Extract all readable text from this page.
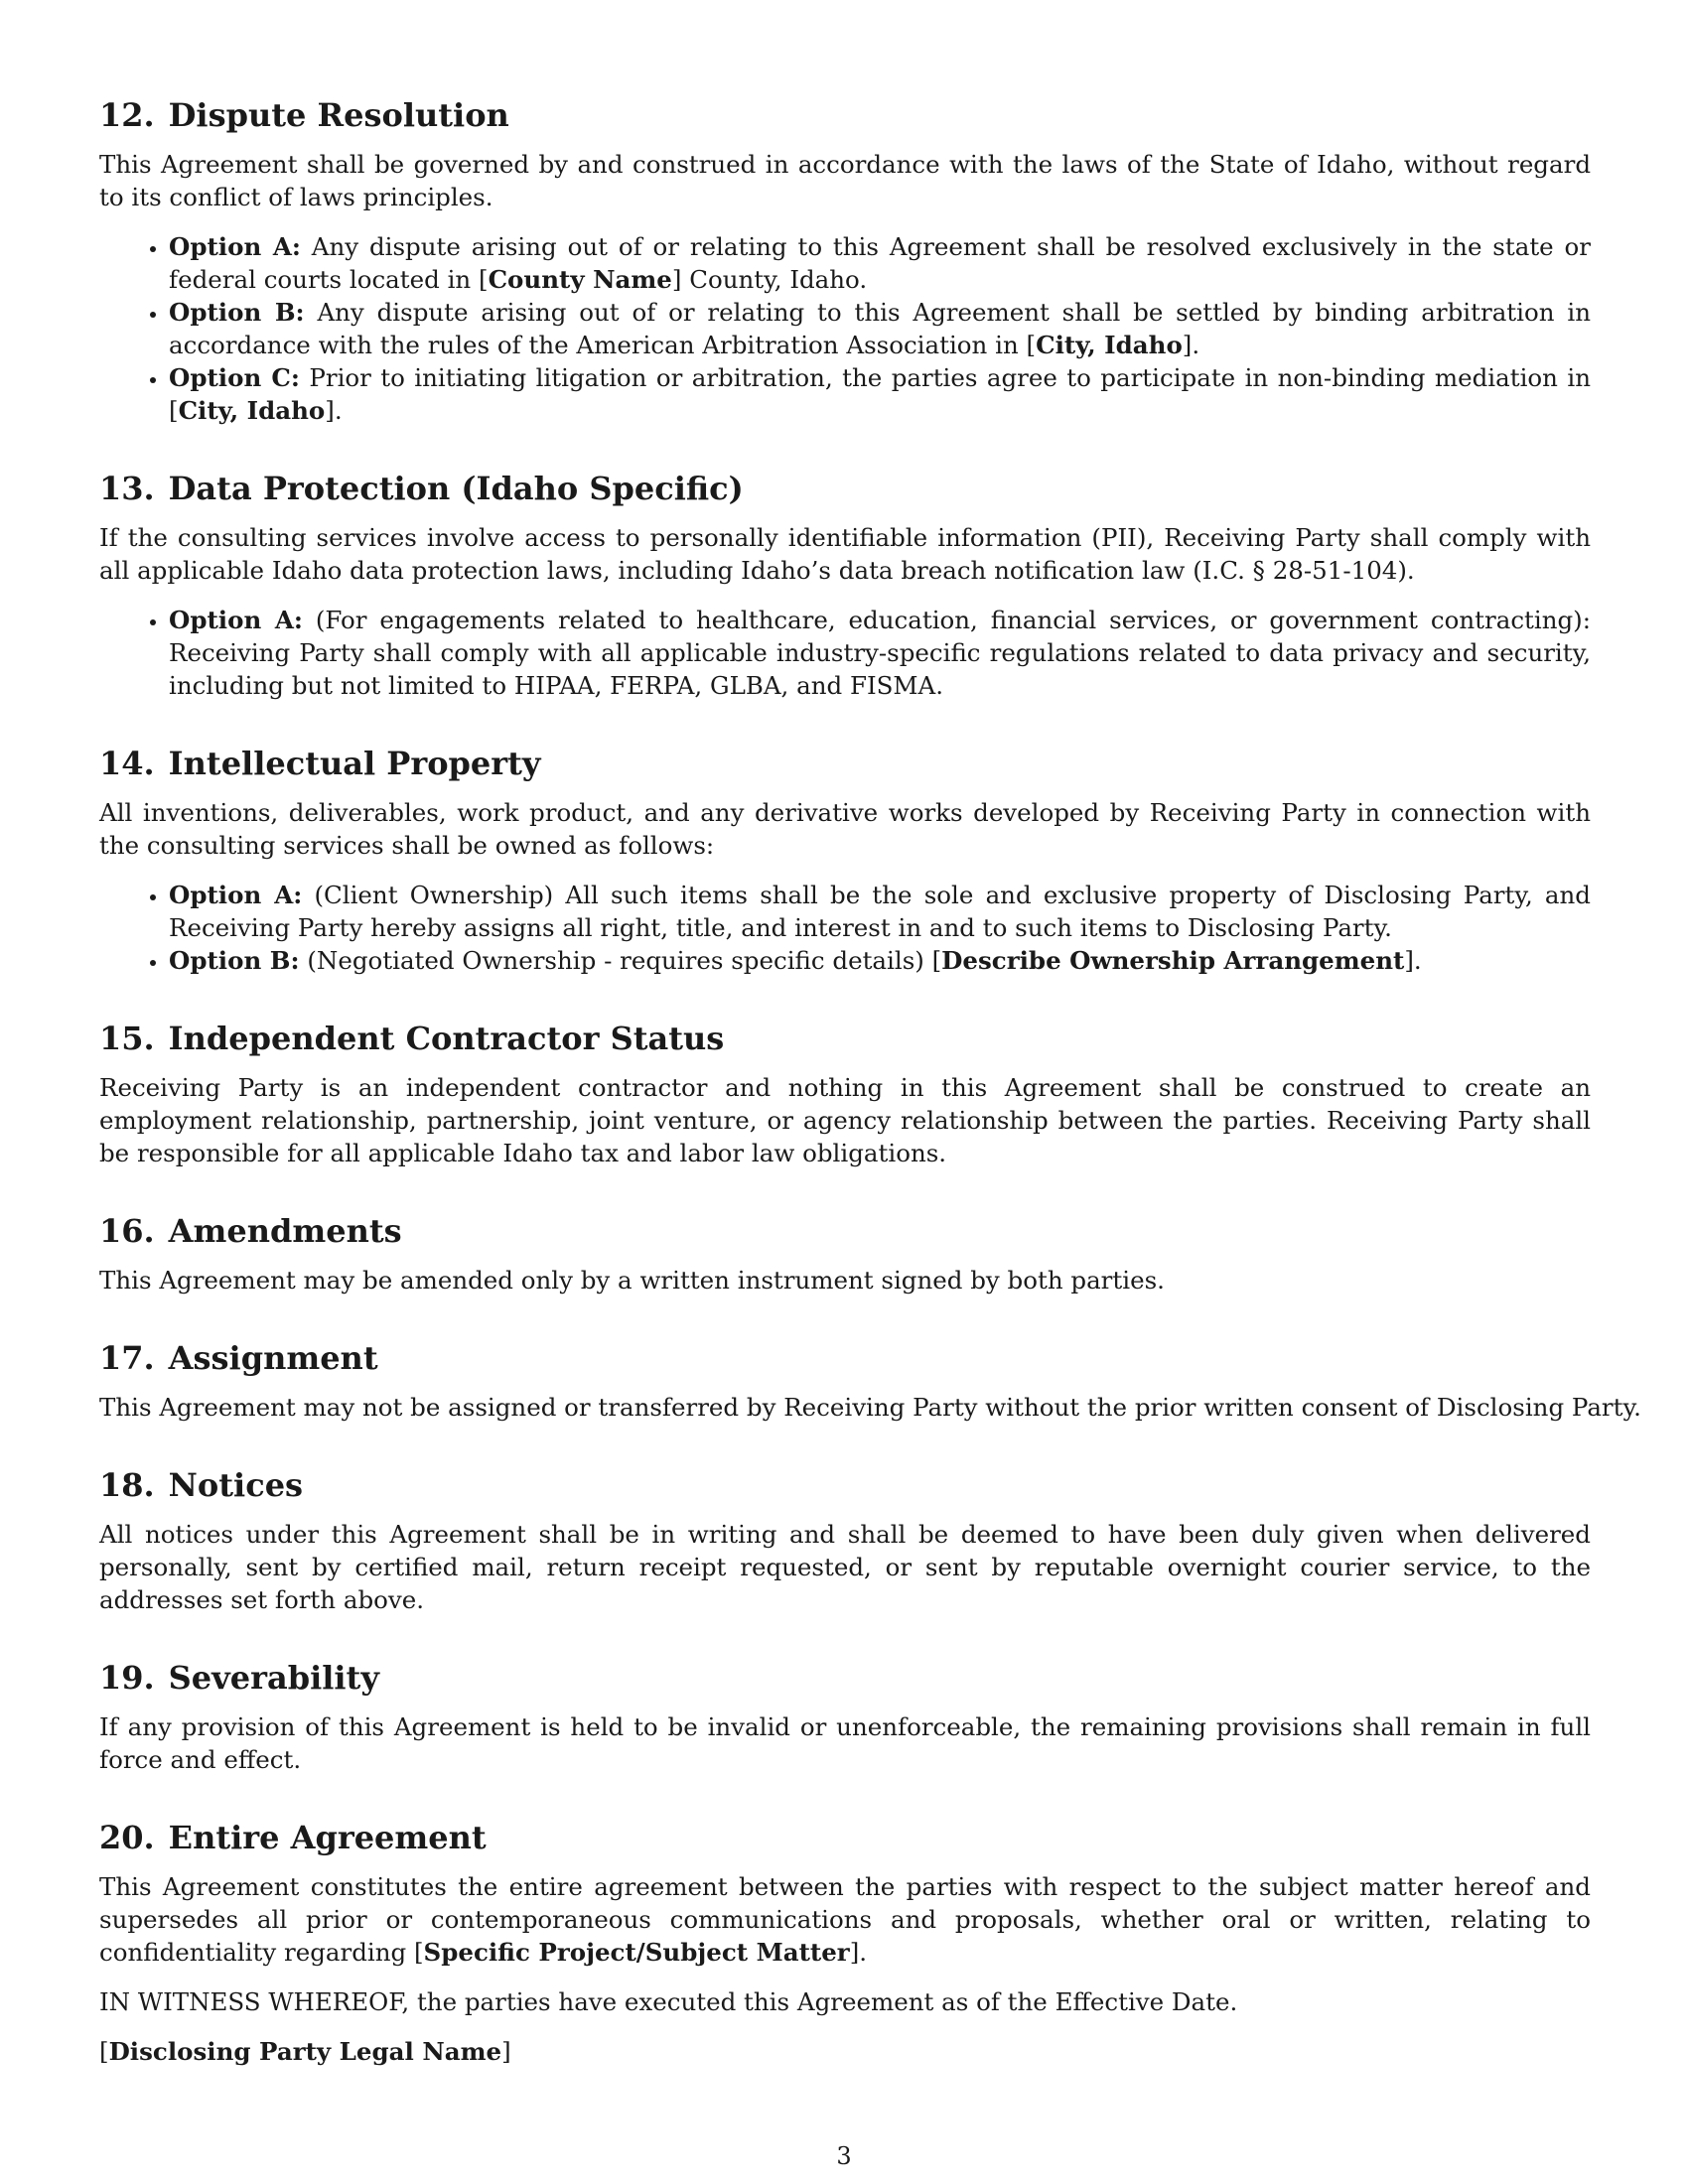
12. Dispute Resolution

This Agreement shall be governed by and construed in accordance with the laws of the State of Idaho, without regard to its conflict of laws principles.

• Option A: Any dispute arising out of or relating to this Agreement shall be resolved exclusively in the state or federal courts located in [County Name] County, Idaho.
• Option B: Any dispute arising out of or relating to this Agreement shall be settled by binding arbitration in accordance with the rules of the American Arbitration Association in [City, Idaho].
• Option C: Prior to initiating litigation or arbitration, the parties agree to participate in non-binding mediation in [City, Idaho].
13. Data Protection (Idaho Specific)

If the consulting services involve access to personally identifiable information (PII), Receiving Party shall comply with all applicable Idaho data protection laws, including Idaho’s data breach notification law (I.C. § 28-51-104).

• Option A: (For engagements related to healthcare, education, financial services, or government contracting): Receiving Party shall comply with all applicable industry-specific regulations related to data privacy and security, including but not limited to HIPAA, FERPA, GLBA, and FISMA.
14. Intellectual Property

All inventions, deliverables, work product, and any derivative works developed by Receiving Party in connection with the consulting services shall be owned as follows:

• Option A: (Client Ownership) All such items shall be the sole and exclusive property of Disclosing Party, and Receiving Party hereby assigns all right, title, and interest in and to such items to Disclosing Party.
• Option B: (Negotiated Ownership - requires specific details) [Describe Ownership Arrangement].
15. Independent Contractor Status

Receiving Party is an independent contractor and nothing in this Agreement shall be construed to create an employment relationship, partnership, joint venture, or agency relationship between the parties. Receiving Party shall be responsible for all applicable Idaho tax and labor law obligations.

16. Amendments

This Agreement may be amended only by a written instrument signed by both parties.

17. Assignment

This Agreement may not be assigned or transferred by Receiving Party without the prior written consent of Disclosing Party.

18. Notices

All notices under this Agreement shall be in writing and shall be deemed to have been duly given when delivered personally, sent by certified mail, return receipt requested, or sent by reputable overnight courier service, to the addresses set forth above.

19. Severability

If any provision of this Agreement is held to be invalid or unenforceable, the remaining provisions shall remain in full force and effect.

20. Entire Agreement

This Agreement constitutes the entire agreement between the parties with respect to the subject matter hereof and supersedes all prior or contemporaneous communications and proposals, whether oral or written, relating to confidentiality regarding [Specific Project/Subject Matter].

IN WITNESS WHEREOF, the parties have executed this Agreement as of the Effective Date.

[Disclosing Party Legal Name]

3
